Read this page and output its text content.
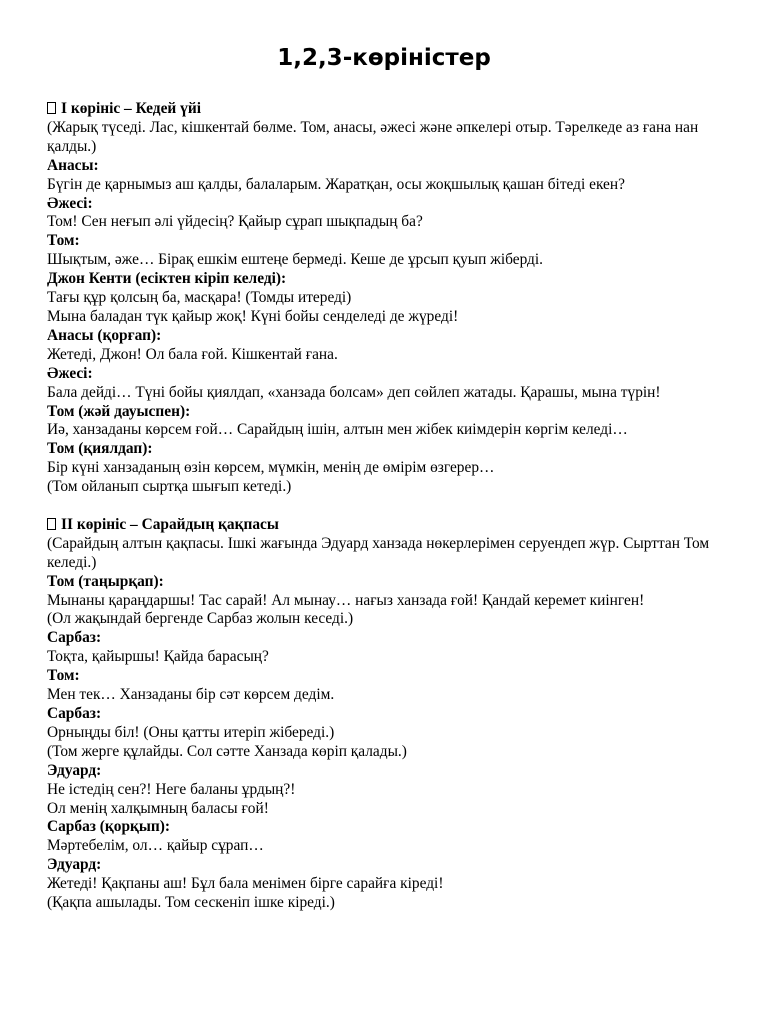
1,2,3-көріністер

I көрініс – Кедей үйі

(Жарық түседі. Лас, кішкентай бөлме. Том, анасы, әжесі және әпкелері отыр. Тәрелкеде аз ғана нан қалды.)

Анасы:

Бүгін де қарнымыз аш қалды, балаларым. Жаратқан, осы жоқшылық қашан бітеді екен?

Әжесі:

Том! Сен неғып әлі үйдесің? Қайыр сұрап шықпадың ба?

Том:

Шықтым, әже… Бірақ ешкім ештеңе бермеді. Кеше де ұрсып қуып жіберді.

Джон Кенти (есіктен кіріп келеді):

Тағы құр қолсың ба, масқара! (Томды итереді)

Мына баладан түк қайыр жоқ! Күні бойы сенделеді де жүреді!

Анасы (қорғап):

Жетеді, Джон! Ол бала ғой. Кішкентай ғана.

Әжесі:

Бала дейді… Түні бойы қиялдап, «ханзада болсам» деп сөйлеп жатады. Қарашы, мына түрін!

Том (жәй дауыспен):

Иә, ханзаданы көрсем ғой… Сарайдың ішін, алтын мен жібек киімдерін көргім келеді…

Том (қиялдап):

Бір күні ханзаданың өзін көрсем, мүмкін, менің де өмірім өзгерер…

(Том ойланып сыртқа шығып кетеді.)

II көрініс – Сарайдың қақпасы

(Сарайдың алтын қақпасы. Ішкі жағында Эдуард ханзада нөкерлерімен серуендеп жүр. Сырттан Том келеді.)

Том (таңырқап):

Мынаны қараңдаршы! Тас сарай! Ал мынау… нағыз ханзада ғой! Қандай керемет киінген!

(Ол жақындай бергенде Сарбаз жолын кеседі.)

Сарбаз:

Тоқта, қайыршы! Қайда барасың?

Том:

Мен тек… Ханзаданы бір сәт көрсем дедім.

Сарбаз:

Орныңды біл! (Оны қатты итеріп жібереді.)

(Том жерге құлайды. Сол сәтте Ханзада көріп қалады.)

Эдуард:

Не істедің сен?! Неге баланы ұрдың?!

Ол менің халқымның баласы ғой!

Сарбаз (қорқып):

Мәртебелім, ол… қайыр сұрап…

Эдуард:

Жетеді! Қақпаны аш! Бұл бала менімен бірге сарайға кіреді!

(Қақпа ашылады. Том сескеніп ішке кіреді.)
